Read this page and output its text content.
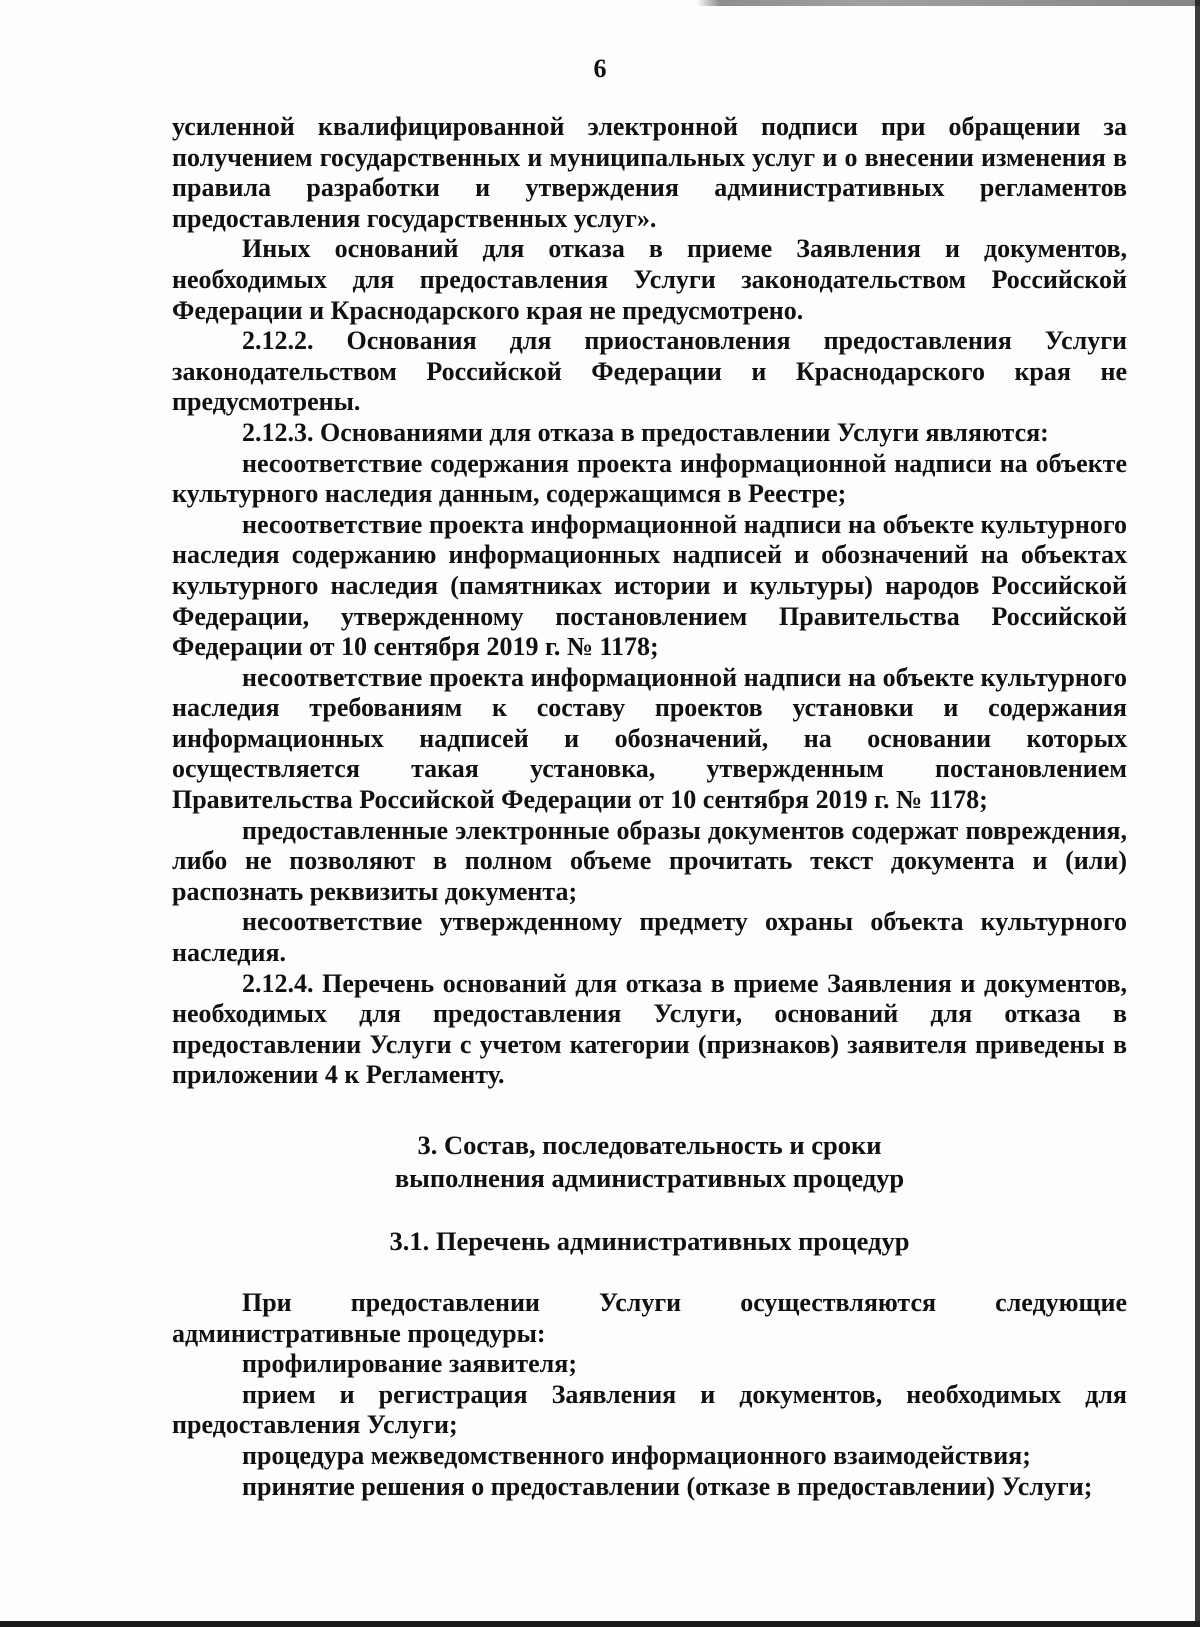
6

усиленной квалифицированной электронной подписи при обращении за получением государственных и муниципальных услуг и о внесении изменения в правила разработки и утверждения административных регламентов предоставления государственных услуг».

Иных оснований для отказа в приеме Заявления и документов, необходимых для предоставления Услуги законодательством Российской Федерации и Краснодарского края не предусмотрено.

2.12.2. Основания для приостановления предоставления Услуги законодательством Российской Федерации и Краснодарского края не предусмотрены.

2.12.3. Основаниями для отказа в предоставлении Услуги являются:

несоответствие содержания проекта информационной надписи на объекте культурного наследия данным, содержащимся в Реестре;

несоответствие проекта информационной надписи на объекте культурного наследия содержанию информационных надписей и обозначений на объектах культурного наследия (памятниках истории и культуры) народов Российской Федерации, утвержденному постановлением Правительства Российской Федерации от 10 сентября 2019 г. № 1178;

несоответствие проекта информационной надписи на объекте культурного наследия требованиям к составу проектов установки и содержания информационных надписей и обозначений, на основании которых осуществляется такая установка, утвержденным постановлением Правительства Российской Федерации от 10 сентября 2019 г. № 1178;

предоставленные электронные образы документов содержат повреждения, либо не позволяют в полном объеме прочитать текст документа и (или) распознать реквизиты документа;

несоответствие утвержденному предмету охраны объекта культурного наследия.

2.12.4. Перечень оснований для отказа в приеме Заявления и документов, необходимых для предоставления Услуги, оснований для отказа в предоставлении Услуги с учетом категории (признаков) заявителя приведены в приложении 4 к Регламенту.

3. Состав, последовательность и сроки

выполнения административных процедур

3.1. Перечень административных процедур

При предоставлении Услуги осуществляются следующие административные процедуры:

профилирование заявителя;

прием и регистрация Заявления и документов, необходимых для предоставления Услуги;

процедура межведомственного информационного взаимодействия;

принятие решения о предоставлении (отказе в предоставлении) Услуги;
